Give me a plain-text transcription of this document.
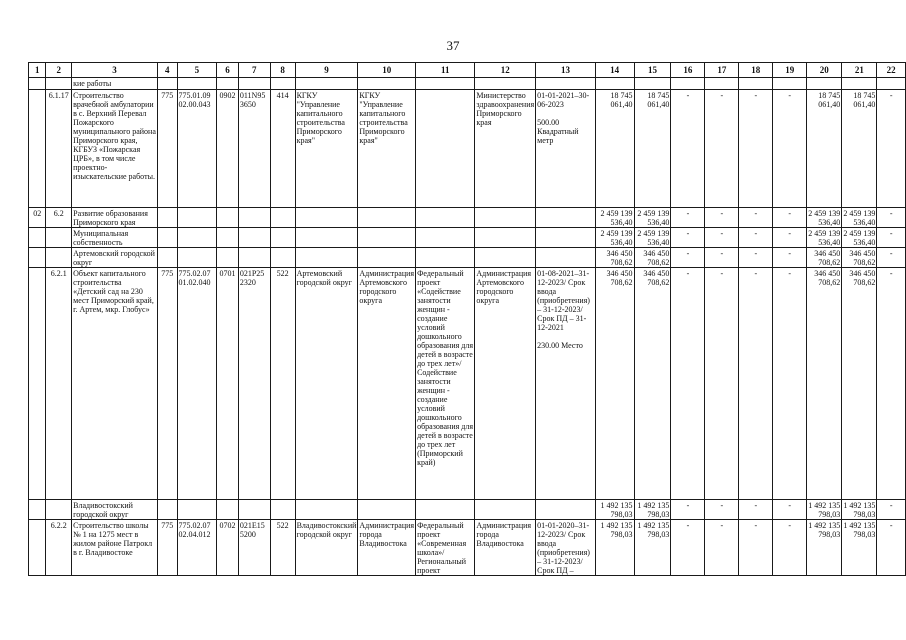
37
1	2	3	4	5	6	7	8	9	10	11	12	13	14	15	16	17	18	19	20	21	22
		кие работы																			
	6.1.17	Строительство врачебной амбулатории в с. Верхний Перевал Пожарского муниципального района Приморского края, КГБУЗ «Пожарская ЦРБ», в том числе проектно-изыскательские работы.	775	775.01.09 02.00.043	0902	011N95 3650	414	КГКУ "Управление капитального строительства Приморского края"	КГКУ "Управление капитального строительства Приморского края"		Министерство здравоохранения Приморского края	01-01-2021–30-06-2023

500.00 Квадратный метр	18 745 061,40	18 745 061,40	-	-	-	-	18 745 061,40	18 745 061,40	-
02	6.2	Развитие образования Приморского края											2 459 139 536,40	2 459 139 536,40	-	-	-	-	2 459 139 536,40	2 459 139 536,40	-
		Муниципальная собственность											2 459 139 536,40	2 459 139 536,40	-	-	-	-	2 459 139 536,40	2 459 139 536,40	-
		Артемовский городской округ											346 450 708,62	346 450 708,62	-	-	-	-	346 450 708,62	346 450 708,62	-
	6.2.1	Объект капитального строительства «Детский сад на 230 мест Приморский край, г. Артем, мкр. Глобус»	775	775.02.07 01.02.040	0701	021P25 2320	522	Артемовский городской округ	Администрация Артемовского городского округа	Федеральный проект «Содействие занятости женщин - создание условий дошкольного образования для детей в возрасте до трех лет»/Содействие занятости женщин - создание условий дошкольного образования для детей в возрасте до трех лет (Приморский край)	Администрация Артемовского городского округа	01-08-2021–31-12-2023/ Срок ввода (приобретения) – 31-12-2023/ Срок ПД – 31-12-2021

230.00 Место	346 450 708,62	346 450 708,62	-	-	-	-	346 450 708,62	346 450 708,62	-
		Владивостокский городской округ											1 492 135 798,03	1 492 135 798,03	-	-	-	-	1 492 135 798,03	1 492 135 798,03	-
	6.2.2	Строительство школы № 1 на 1275 мест в жилом районе Патрокл в г. Владивостоке	775	775.02.07 02.04.012	0702	021E15 5200	522	Владивостокский городской округ	Администрация города Владивостока	Федеральный проект «Современная школа»/Региональный проект	Администрация города Владивостока	01-01-2020–31-12-2023/ Срок ввода (приобретения) – 31-12-2023/ Срок ПД –	1 492 135 798,03	1 492 135 798,03	-	-	-	-	1 492 135 798,03	1 492 135 798,03	-
